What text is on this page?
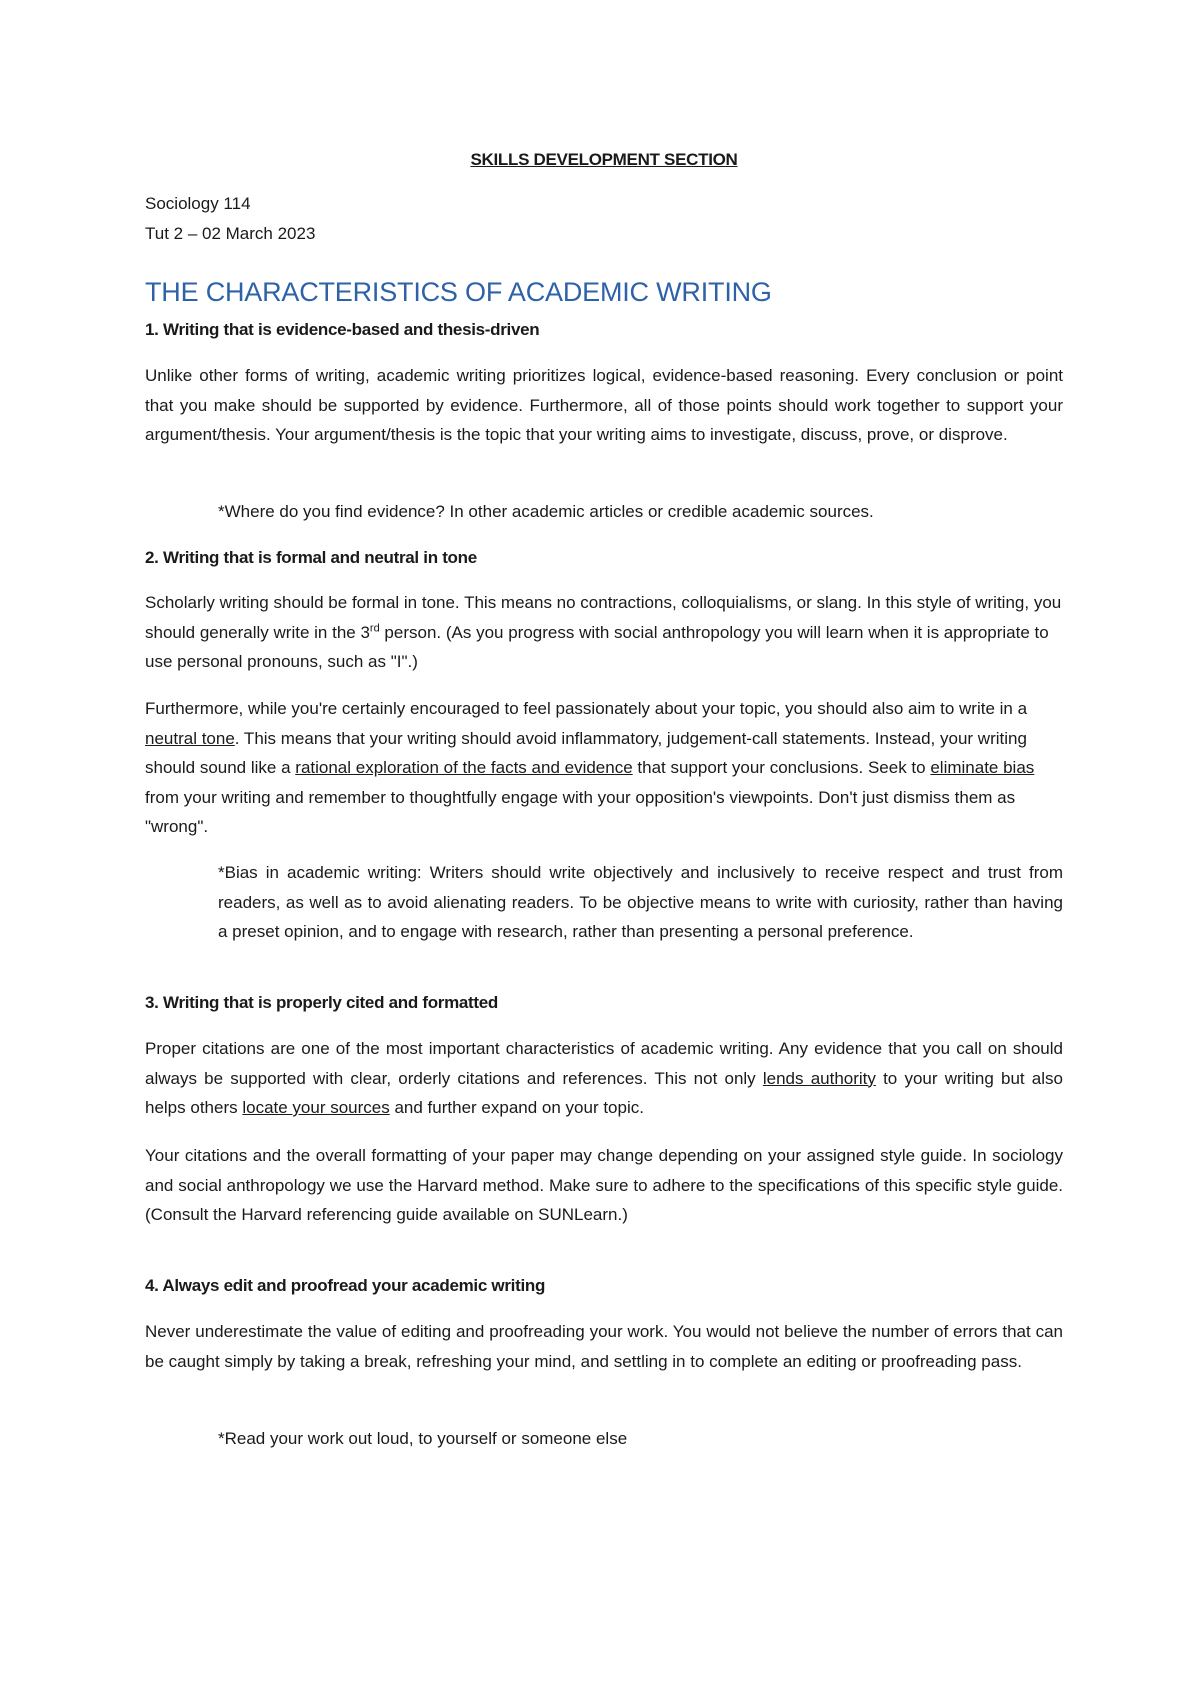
SKILLS DEVELOPMENT SECTION
Sociology 114
Tut 2 – 02 March 2023
THE CHARACTERISTICS OF ACADEMIC WRITING
1. Writing that is evidence-based and thesis-driven
Unlike other forms of writing, academic writing prioritizes logical, evidence-based reasoning. Every conclusion or point that you make should be supported by evidence. Furthermore, all of those points should work together to support your argument/thesis. Your argument/thesis is the topic that your writing aims to investigate, discuss, prove, or disprove.
*Where do you find evidence? In other academic articles or credible academic sources.
2. Writing that is formal and neutral in tone
Scholarly writing should be formal in tone. This means no contractions, colloquialisms, or slang. In this style of writing, you should generally write in the 3rd person. (As you progress with social anthropology you will learn when it is appropriate to use personal pronouns, such as "I".)
Furthermore, while you're certainly encouraged to feel passionately about your topic, you should also aim to write in a neutral tone. This means that your writing should avoid inflammatory, judgement-call statements. Instead, your writing should sound like a rational exploration of the facts and evidence that support your conclusions. Seek to eliminate bias from your writing and remember to thoughtfully engage with your opposition's viewpoints. Don't just dismiss them as "wrong".
*Bias in academic writing: Writers should write objectively and inclusively to receive respect and trust from readers, as well as to avoid alienating readers. To be objective means to write with curiosity, rather than having a preset opinion, and to engage with research, rather than presenting a personal preference.
3. Writing that is properly cited and formatted
Proper citations are one of the most important characteristics of academic writing. Any evidence that you call on should always be supported with clear, orderly citations and references. This not only lends authority to your writing but also helps others locate your sources and further expand on your topic.
Your citations and the overall formatting of your paper may change depending on your assigned style guide. In sociology and social anthropology we use the Harvard method. Make sure to adhere to the specifications of this specific style guide. (Consult the Harvard referencing guide available on SUNLearn.)
4. Always edit and proofread your academic writing
Never underestimate the value of editing and proofreading your work. You would not believe the number of errors that can be caught simply by taking a break, refreshing your mind, and settling in to complete an editing or proofreading pass.
*Read your work out loud, to yourself or someone else
